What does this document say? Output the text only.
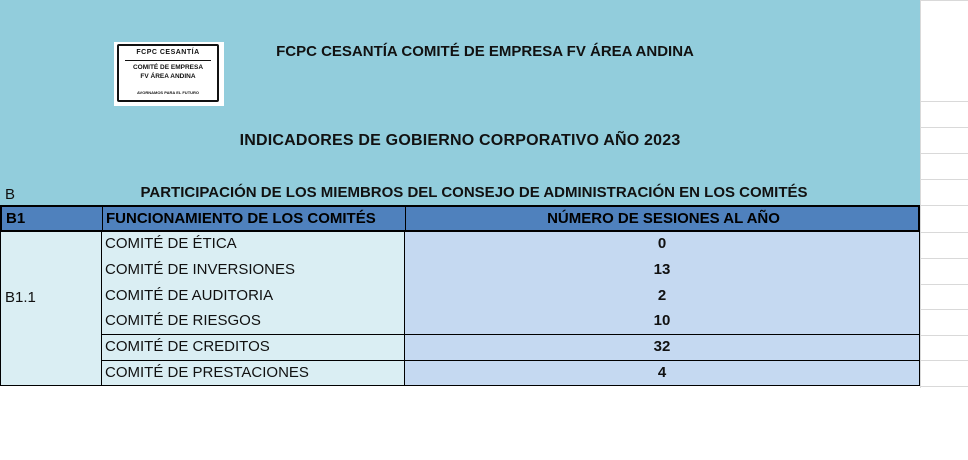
FCPC CESANTÍA
COMITÉ DE EMPRESA
FV ÁREA ANDINA
AVORNAMOS PARA EL FUTURO
FCPC CESANTÍA COMITÉ DE EMPRESA FV ÁREA ANDINA
INDICADORES DE GOBIERNO CORPORATIVO AÑO 2023
PARTICIPACIÓN DE LOS MIEMBROS DEL CONSEJO DE ADMINISTRACIÓN EN LOS COMITÉS
B
B1	FUNCIONAMIENTO DE LOS COMITÉS	NÚMERO DE SESIONES AL AÑO
B1.1
COMITÉ DE ÉTICA	0
COMITÉ DE INVERSIONES	13
COMITÉ DE AUDITORIA	2
COMITÉ DE RIESGOS	10
COMITÉ DE CREDITOS	32
COMITÉ DE PRESTACIONES	4
